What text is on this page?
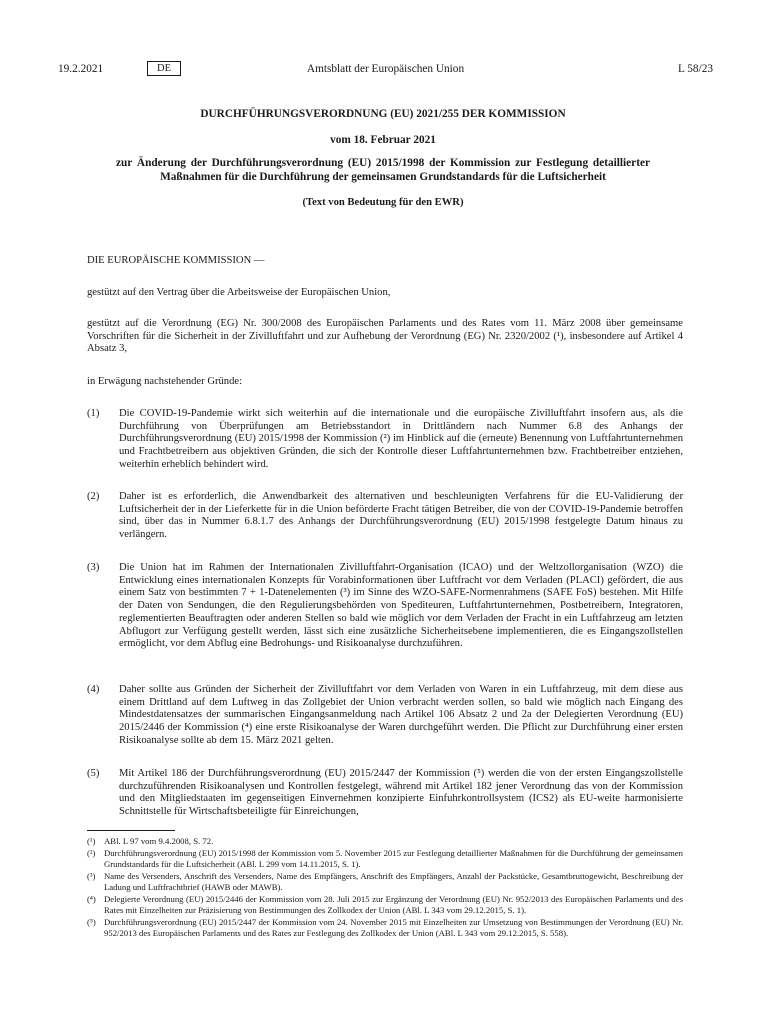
Amtsblatt der Europäischen Union
19.2.2021	DE	L 58/23

DURCHFÜHRUNGSVERORDNUNG (EU) 2021/255 DER KOMMISSION

vom 18. Februar 2021

zur Änderung der Durchführungsverordnung (EU) 2015/1998 der Kommission zur Festlegung detaillierter Maßnahmen für die Durchführung der gemeinsamen Grundstandards für die Luftsicherheit

(Text von Bedeutung für den EWR)

DIE EUROPÄISCHE KOMMISSION —

gestützt auf den Vertrag über die Arbeitsweise der Europäischen Union,

gestützt auf die Verordnung (EG) Nr. 300/2008 des Europäischen Parlaments und des Rates vom 11. März 2008 über gemeinsame Vorschriften für die Sicherheit in der Zivilluftfahrt und zur Aufhebung der Verordnung (EG) Nr. 2320/2002 (¹), insbesondere auf Artikel 4 Absatz 3,

in Erwägung nachstehender Gründe:

(1) Die COVID-19-Pandemie wirkt sich weiterhin auf die internationale und die europäische Zivilluftfahrt insofern aus, als die Durchführung von Überprüfungen am Betriebsstandort in Drittländern nach Nummer 6.8 des Anhangs der Durchführungsverordnung (EU) 2015/1998 der Kommission (²) im Hinblick auf die (erneute) Benennung von Luftfahrtunternehmen und Frachtbetreibern aus objektiven Gründen, die sich der Kontrolle dieser Luftfahrtunternehmen bzw. Frachtbetreiber entziehen, weiterhin erheblich behindert wird.
(2) Daher ist es erforderlich, die Anwendbarkeit des alternativen und beschleunigten Verfahrens für die EU-Validierung der Luftsicherheit der in der Lieferkette für in die Union beförderte Fracht tätigen Betreiber, die von der COVID-19-Pandemie betroffen sind, über das in Nummer 6.8.1.7 des Anhangs der Durchführungsverordnung (EU) 2015/1998 festgelegte Datum hinaus zu verlängern.
(3) Die Union hat im Rahmen der Internationalen Zivilluftfahrt-Organisation (ICAO) und der Weltzollorganisation (WZO) die Entwicklung eines internationalen Konzepts für Vorabinformationen über Luftfracht vor dem Verladen (PLACI) gefördert, die aus einem Satz von bestimmten 7 + 1-Datenelementen (³) im Sinne des WZO-SAFE-Normenrahmens (SAFE FoS) bestehen. Mit Hilfe der Daten von Sendungen, die den Regulierungsbehörden von Spediteuren, Luftfahrtunternehmen, Postbetreibern, Integratoren, reglementierten Beauftragten oder anderen Stellen so bald wie möglich vor dem Verladen der Fracht in ein Luftfahrzeug am letzten Abflugort zur Verfügung gestellt werden, lässt sich eine zusätzliche Sicherheitsebene implementieren, die es Eingangszollstellen ermöglicht, vor dem Abflug eine Bedrohungs- und Risikoanalyse durchzuführen.
(4) Daher sollte aus Gründen der Sicherheit der Zivilluftfahrt vor dem Verladen von Waren in ein Luftfahrzeug, mit dem diese aus einem Drittland auf dem Luftweg in das Zollgebiet der Union verbracht werden sollen, so bald wie möglich nach Eingang des Mindestdatensatzes der summarischen Eingangsanmeldung nach Artikel 106 Absatz 2 und 2a der Delegierten Verordnung (EU) 2015/2446 der Kommission (⁴) eine erste Risikoanalyse der Waren durchgeführt werden. Die Pflicht zur Durchführung einer ersten Risikoanalyse sollte ab dem 15. März 2021 gelten.
(5) Mit Artikel 186 der Durchführungsverordnung (EU) 2015/2447 der Kommission (⁵) werden die von der ersten Eingangszollstelle durchzuführenden Risikoanalysen und Kontrollen festgelegt, während mit Artikel 182 jener Verordnung das von der Kommission und den Mitgliedstaaten im gegenseitigen Einvernehmen konzipierte Einfuhrkontrollsystem (ICS2) als EU-weite harmonisierte Schnittstelle für Wirtschaftsbeteiligte für Einreichungen,
(¹) ABl. L 97 vom 9.4.2008, S. 72.
(²) Durchführungsverordnung (EU) 2015/1998 der Kommission vom 5. November 2015 zur Festlegung detaillierter Maßnahmen für die Durchführung der gemeinsamen Grundstandards für die Luftsicherheit (ABl. L 299 vom 14.11.2015, S. 1).
(³) Name des Versenders, Anschrift des Versenders, Name des Empfängers, Anschrift des Empfängers, Anzahl der Packstücke, Gesamtbruttogewicht, Beschreibung der Ladung und Luftfrachtbrief (HAWB oder MAWB).
(⁴) Delegierte Verordnung (EU) 2015/2446 der Kommission vom 28. Juli 2015 zur Ergänzung der Verordnung (EU) Nr. 952/2013 des Europäischen Parlaments und des Rates mit Einzelheiten zur Präzisierung von Bestimmungen des Zollkodex der Union (ABl. L 343 vom 29.12.2015, S. 1).
(⁵) Durchführungsverordnung (EU) 2015/2447 der Kommission vom 24. November 2015 mit Einzelheiten zur Umsetzung von Bestimmungen der Verordnung (EU) Nr. 952/2013 des Europäischen Parlaments und des Rates zur Festlegung des Zollkodex der Union (ABl. L 343 vom 29.12.2015, S. 558).
